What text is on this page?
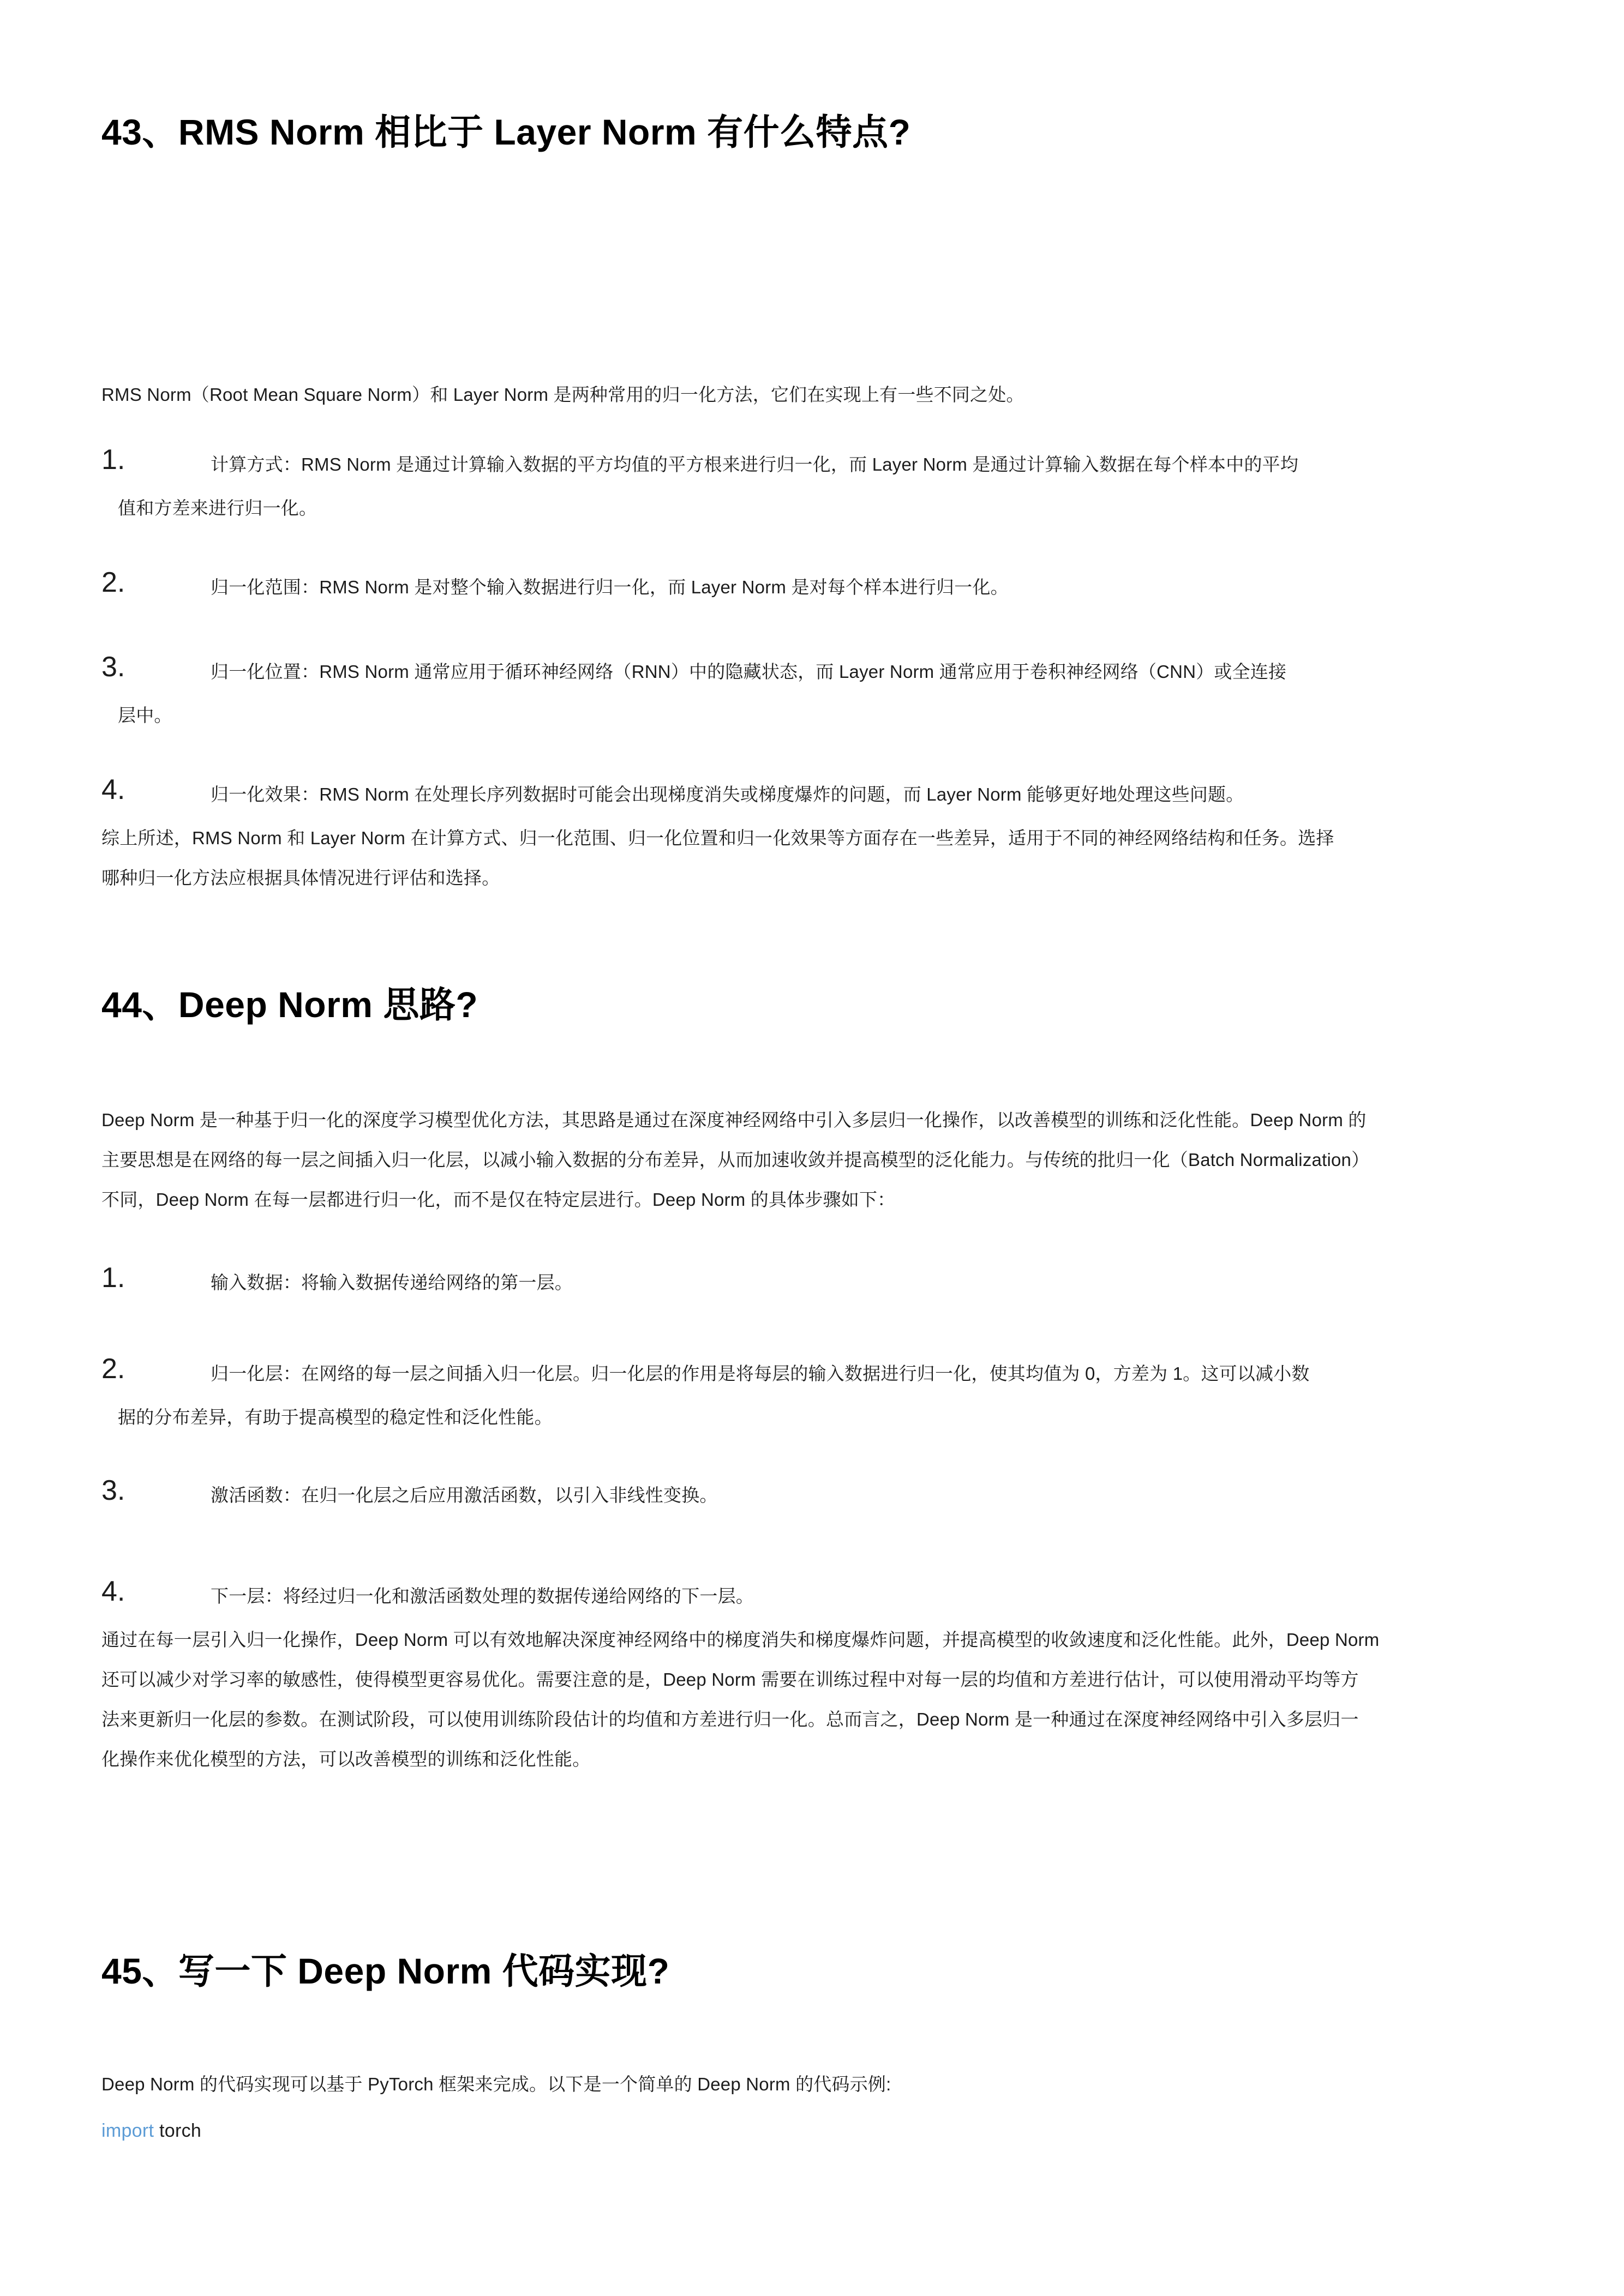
43、RMS Norm 相比于 Layer Norm 有什么特点?
RMS Norm（Root Mean Square Norm）和 Layer Norm 是两种常用的归一化方法，它们在实现上有一些不同之处。
1.	计算方式：RMS Norm 是通过计算输入数据的平方均值的平方根来进行归一化，而 Layer Norm 是通过计算输入数据在每个样本中的平均
值和方差来进行归一化。
2.	归一化范围：RMS Norm 是对整个输入数据进行归一化，而 Layer Norm 是对每个样本进行归一化。
3.	归一化位置：RMS Norm 通常应用于循环神经网络（RNN）中的隐藏状态，而 Layer Norm 通常应用于卷积神经网络（CNN）或全连接
层中。
4.	归一化效果：RMS Norm 在处理长序列数据时可能会出现梯度消失或梯度爆炸的问题，而 Layer Norm 能够更好地处理这些问题。
综上所述，RMS Norm 和 Layer Norm 在计算方式、归一化范围、归一化位置和归一化效果等方面存在一些差异，适用于不同的神经网络结构和任务。选择
哪种归一化方法应根据具体情况进行评估和选择。
44、Deep Norm 思路?
Deep Norm 是一种基于归一化的深度学习模型优化方法，其思路是通过在深度神经网络中引入多层归一化操作，以改善模型的训练和泛化性能。Deep Norm 的
主要思想是在网络的每一层之间插入归一化层，以减小输入数据的分布差异，从而加速收敛并提高模型的泛化能力。与传统的批归一化（Batch Normalization）
不同，Deep Norm 在每一层都进行归一化，而不是仅在特定层进行。Deep Norm 的具体步骤如下：
1.	输入数据：将输入数据传递给网络的第一层。
2.	归一化层：在网络的每一层之间插入归一化层。归一化层的作用是将每层的输入数据进行归一化，使其均值为 0，方差为 1。这可以减小数
据的分布差异，有助于提高模型的稳定性和泛化性能。
3.	激活函数：在归一化层之后应用激活函数，以引入非线性变换。
4.	下一层：将经过归一化和激活函数处理的数据传递给网络的下一层。
通过在每一层引入归一化操作，Deep Norm 可以有效地解决深度神经网络中的梯度消失和梯度爆炸问题，并提高模型的收敛速度和泛化性能。此外，Deep Norm
还可以减少对学习率的敏感性，使得模型更容易优化。需要注意的是，Deep Norm 需要在训练过程中对每一层的均值和方差进行估计，可以使用滑动平均等方
法来更新归一化层的参数。在测试阶段，可以使用训练阶段估计的均值和方差进行归一化。总而言之，Deep Norm 是一种通过在深度神经网络中引入多层归一
化操作来优化模型的方法，可以改善模型的训练和泛化性能。
45、写一下 Deep Norm 代码实现?
Deep Norm 的代码实现可以基于 PyTorch 框架来完成。以下是一个简单的 Deep Norm 的代码示例:
import torch
